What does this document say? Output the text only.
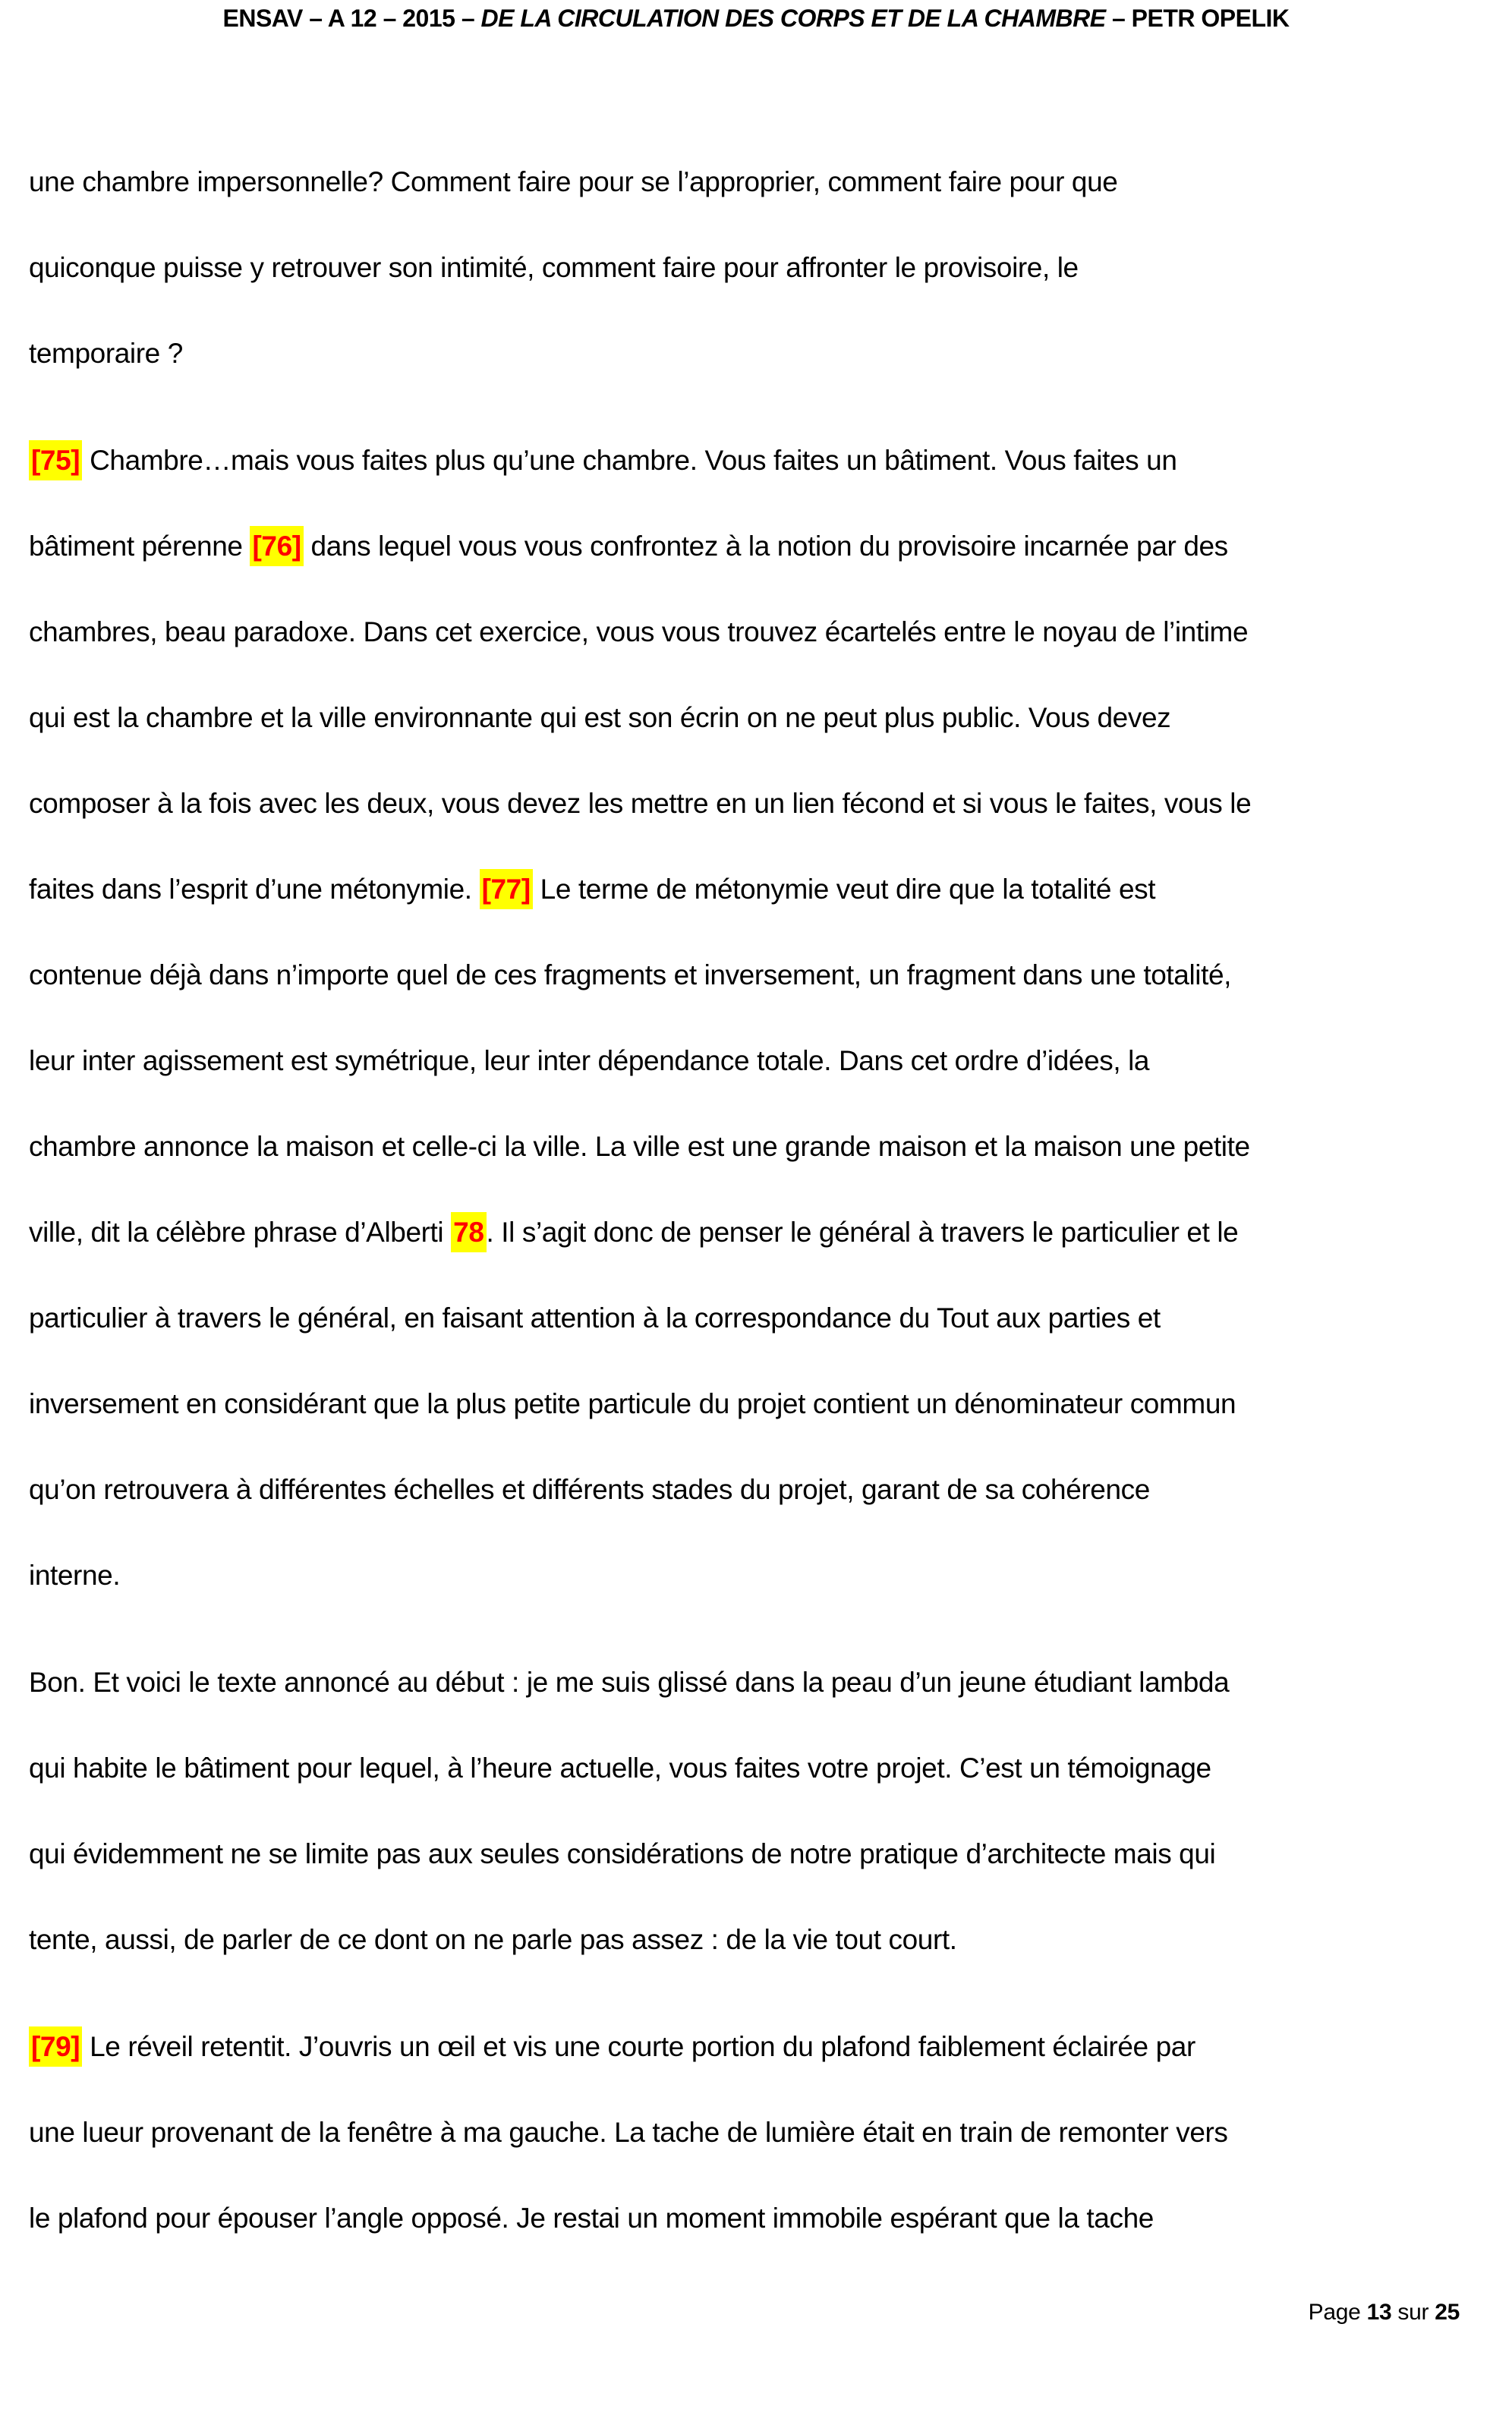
ENSAV – A 12 – 2015 – DE LA CIRCULATION DES CORPS ET DE LA CHAMBRE – PETR OPELIK
une chambre impersonnelle? Comment faire pour se l’approprier, comment faire pour que
quiconque puisse y retrouver son intimité, comment faire pour affronter le provisoire, le
temporaire ?
[75] Chambre…mais vous faites plus qu’une chambre. Vous faites un bâtiment. Vous faites un
bâtiment pérenne [76] dans lequel vous vous confrontez à la notion du provisoire incarnée par des
chambres, beau paradoxe. Dans cet exercice, vous vous trouvez écartelés entre le noyau de l’intime
qui est la chambre et la ville environnante qui est son écrin on ne peut plus public. Vous devez
composer à la fois avec les deux, vous devez les mettre en un lien fécond et si vous le faites, vous le
faites dans l’esprit d’une métonymie. [77] Le terme de métonymie veut dire que la totalité est
contenue déjà dans n’importe quel de ces fragments et inversement, un fragment dans une totalité,
leur inter agissement est symétrique, leur inter dépendance totale. Dans cet ordre d’idées, la
chambre annonce la maison et celle-ci la ville. La ville est une grande maison et la maison une petite
ville, dit la célèbre phrase d’Alberti 78. Il s’agit donc de penser le général à travers le particulier et le
particulier à travers le général, en faisant attention à la correspondance du Tout aux parties et
inversement en considérant que la plus petite particule du projet contient un dénominateur commun
qu’on retrouvera à différentes échelles et différents stades du projet, garant de sa cohérence
interne.
Bon. Et voici le texte annoncé au début : je me suis glissé dans la peau d’un jeune étudiant lambda
qui habite le bâtiment pour lequel, à l’heure actuelle, vous faites votre projet. C’est un témoignage
qui évidemment ne se limite pas aux seules considérations de notre pratique d’architecte mais qui
tente, aussi, de parler de ce dont on ne parle pas assez : de la vie tout court.
[79] Le réveil retentit. J’ouvris un œil et vis une courte portion du plafond faiblement éclairée par
une lueur provenant de la fenêtre à ma gauche. La tache de lumière était en train de remonter vers
le plafond pour épouser l’angle opposé. Je restai un moment immobile espérant que la tache
Page 13 sur 25
